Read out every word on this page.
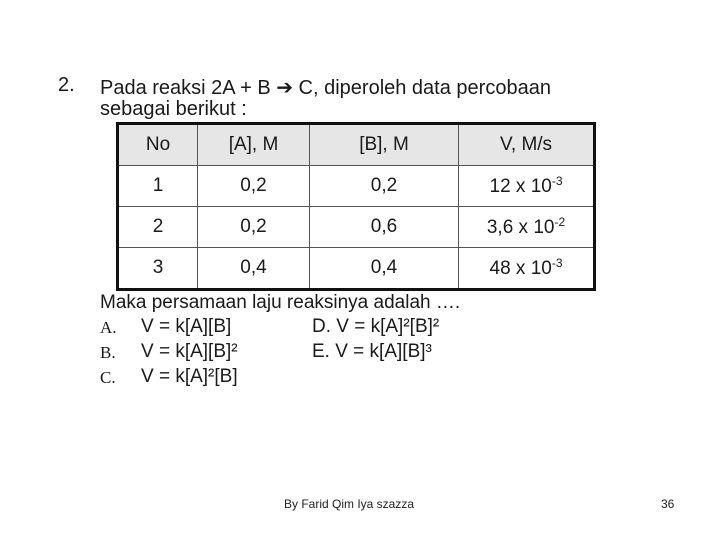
2. Pada reaksi 2A + B ➔ C, diperoleh data percobaan
sebagai berikut :
No	[A], M	[B], M	V, M/s
1	0,2	0,2	12 x $10^{-3}$
2	0,2	0,6	3,6 x $10^{-2}$
3	0,4	0,4	48 x $10^{-3}$
Maka persamaan laju reaksinya adalah ….
A. V = k[A][B]	D. V = k[A]²[B]²
B. V = k[A][B]²	E. V = k[A][B]³
C. V = k[A]²[B]
By Farid Qim Iya szazza	36
